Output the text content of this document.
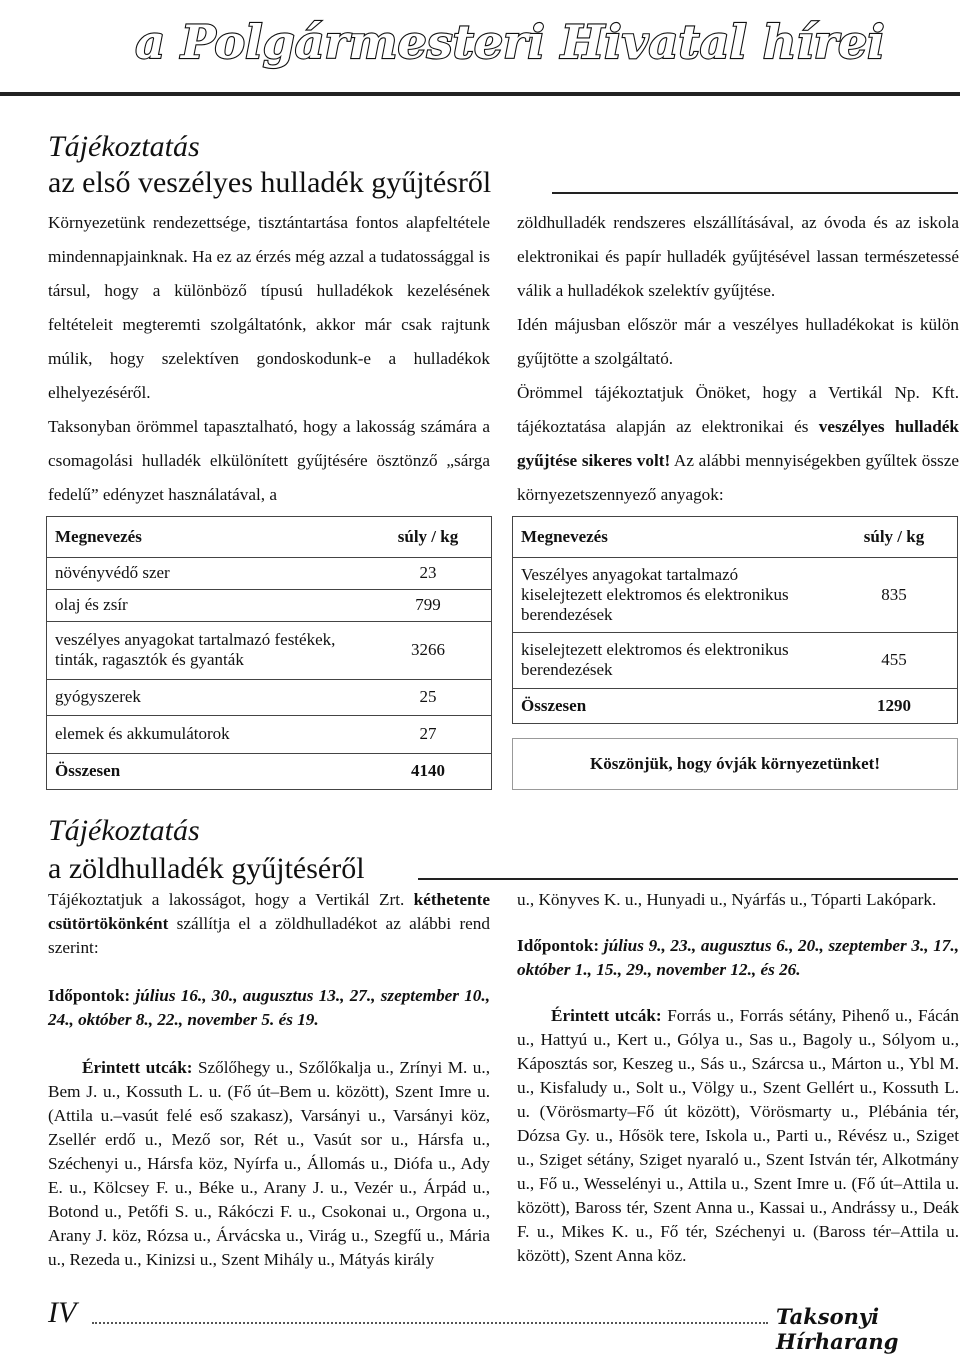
a Polgármesteri Hivatal hírei
Tájékoztatás
az első veszélyes hulladék gyűjtésről
Környezetünk rendezettsége, tisztántartása fontos alapfeltétele mindennapjainknak. Ha ez az érzés még azzal a tudatossággal is társul, hogy a különböző típusú hulladékok kezelésének feltételeit megteremti szolgáltatónk, akkor már csak rajtunk múlik, hogy szelektíven gondoskodunk-e a hulladékok elhelyezéséről.
Taksonyban örömmel tapasztalható, hogy a lakosság számára a csomagolási hulladék elkülönített gyűjtésére ösztönző „sárga fedelű” edényzet használatával, a
zöldhulladék rendszeres elszállításával, az óvoda és az iskola elektronikai és papír hulladék gyűjtésével lassan természetessé válik a hulladékok szelektív gyűjtése.
Idén májusban először már a veszélyes hulladékokat is külön gyűjtötte a szolgáltató.
Örömmel tájékoztatjuk Önöket, hogy a Vertikál Np. Kft. tájékoztatása alapján az elektronikai és veszélyes hulladék gyűjtése sikeres volt! Az alábbi mennyiségekben gyűltek össze környezetszennyező anyagok:
Megnevezés	súly / kg
növényvédő szer	23
olaj és zsír	799
veszélyes anyagokat tartalmazó festékek, tinták, ragasztók és gyanták	3266
gyógyszerek	25
elemek és akkumulátorok	27
Összesen	4140
Megnevezés	súly / kg
Veszélyes anyagokat tartalmazó kiselejtezett elektromos és elektronikus berendezések	835
kiselejtezett elektromos és elektronikus berendezések	455
Összesen	1290
Köszönjük, hogy óvják környezetünket!
Tájékoztatás
a zöldhulladék gyűjtéséről
Tájékoztatjuk a lakosságot, hogy a Vertikál Zrt. kéthetente csütörtökönként szállítja el a zöldhulladékot az alábbi rend szerint:
Időpontok: július 16., 30., augusztus 13., 27., szeptember 10., 24., október 8., 22., november 5. és 19.
Érintett utcák: Szőlőhegy u., Szőlőkalja u., Zrínyi M. u., Bem J. u., Kossuth L. u. (Fő út–Bem u. között), Szent Imre u. (Attila u.–vasút felé eső szakasz), Varsányi u., Varsányi köz, Zsellér erdő u., Mező sor, Rét u., Vasút sor u., Hársfa u., Széchenyi u., Hársfa köz, Nyírfa u., Állomás u., Diófa u., Ady E. u., Kölcsey F. u., Béke u., Arany J. u., Vezér u., Árpád u., Botond u., Petőfi S. u., Rákóczi F. u., Csokonai u., Orgona u., Arany J. köz, Rózsa u., Árvácska u., Virág u., Szegfű u., Mária u., Rezeda u., Kinizsi u., Szent Mihály u., Mátyás király
u., Könyves K. u., Hunyadi u., Nyárfás u., Tóparti Lakópark.
Időpontok: július 9., 23., augusztus 6., 20., szeptember 3., 17., október 1., 15., 29., november 12., és 26.
Érintett utcák: Forrás u., Forrás sétány, Pihenő u., Fácán u., Hattyú u., Kert u., Gólya u., Sas u., Bagoly u., Sólyom u., Káposztás sor, Keszeg u., Sás u., Szárcsa u., Márton u., Ybl M. u., Kisfaludy u., Solt u., Völgy u., Szent Gellért u., Kossuth L. u. (Vörösmarty–Fő út között), Vörösmarty u., Plébánia tér, Dózsa Gy. u., Hősök tere, Iskola u., Parti u., Révész u., Sziget u., Sziget sétány, Sziget nyaraló u., Szent István tér, Alkotmány u., Fő u., Wesselényi u., Attila u., Szent Imre u. (Fő út–Attila u. között), Baross tér, Szent Anna u., Kassai u., Andrássy u., Deák F. u., Mikes K. u., Fő tér, Széchenyi u. (Baross tér–Attila u. között), Szent Anna köz.
IV	Taksonyi Hírharang
